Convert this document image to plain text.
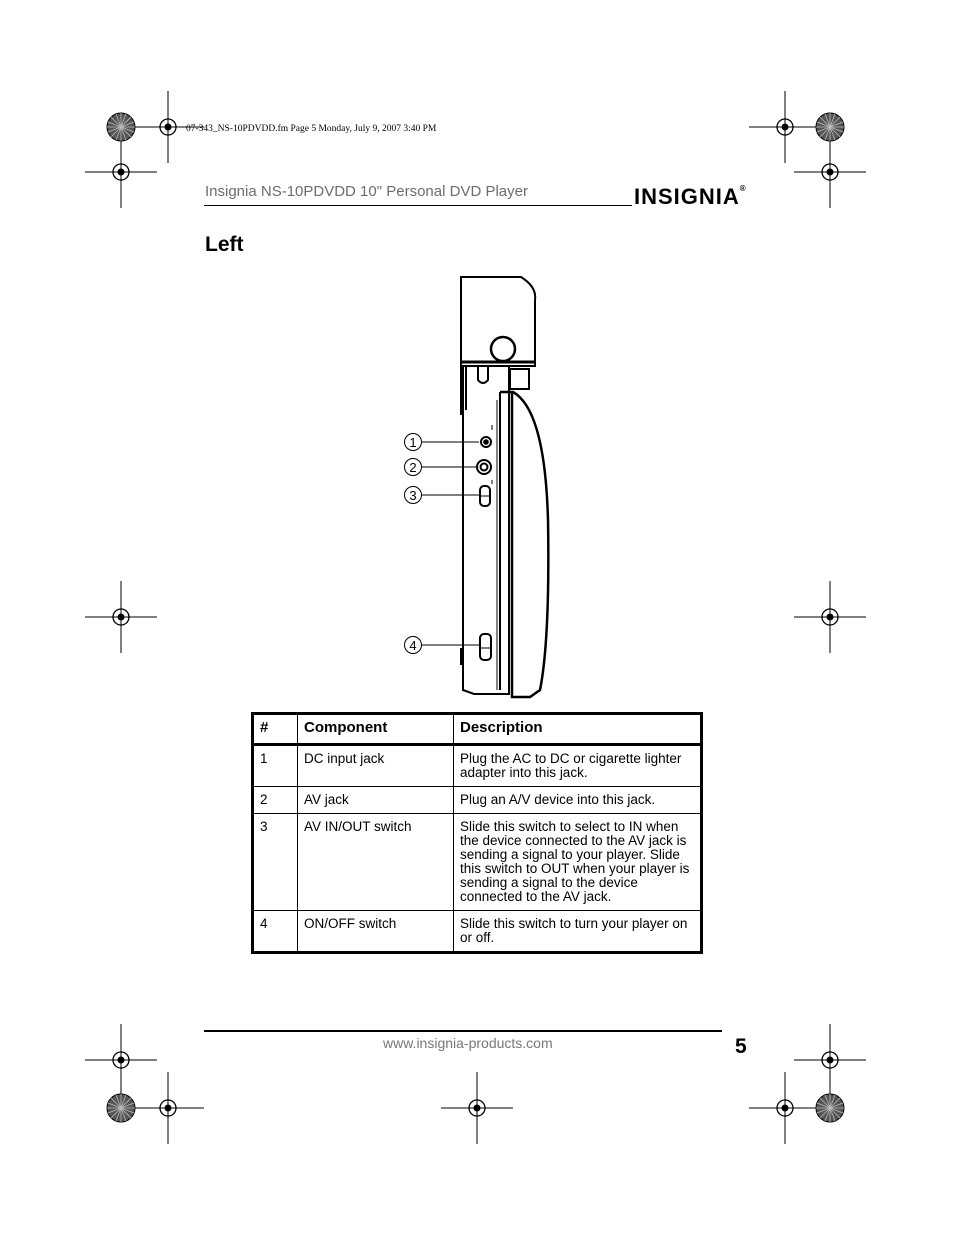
07-343_NS-10PDVDD.fm Page 5 Monday, July 9, 2007 3:40 PM
Insignia NS-10PDVDD 10" Personal DVD Player	INSIGNIA®
Left
1
2
3
4
#	Component	Description
1	DC input jack	Plug the AC to DC or cigarette lighter adapter into this jack.
2	AV jack	Plug an A/V device into this jack.
3	AV IN/OUT switch	Slide this switch to select to IN when the device connected to the AV jack is sending a signal to your player. Slide this switch to OUT when your player is sending a signal to the device connected to the AV jack.
4	ON/OFF switch	Slide this switch to turn your player on or off.
www.insignia-products.com	5
